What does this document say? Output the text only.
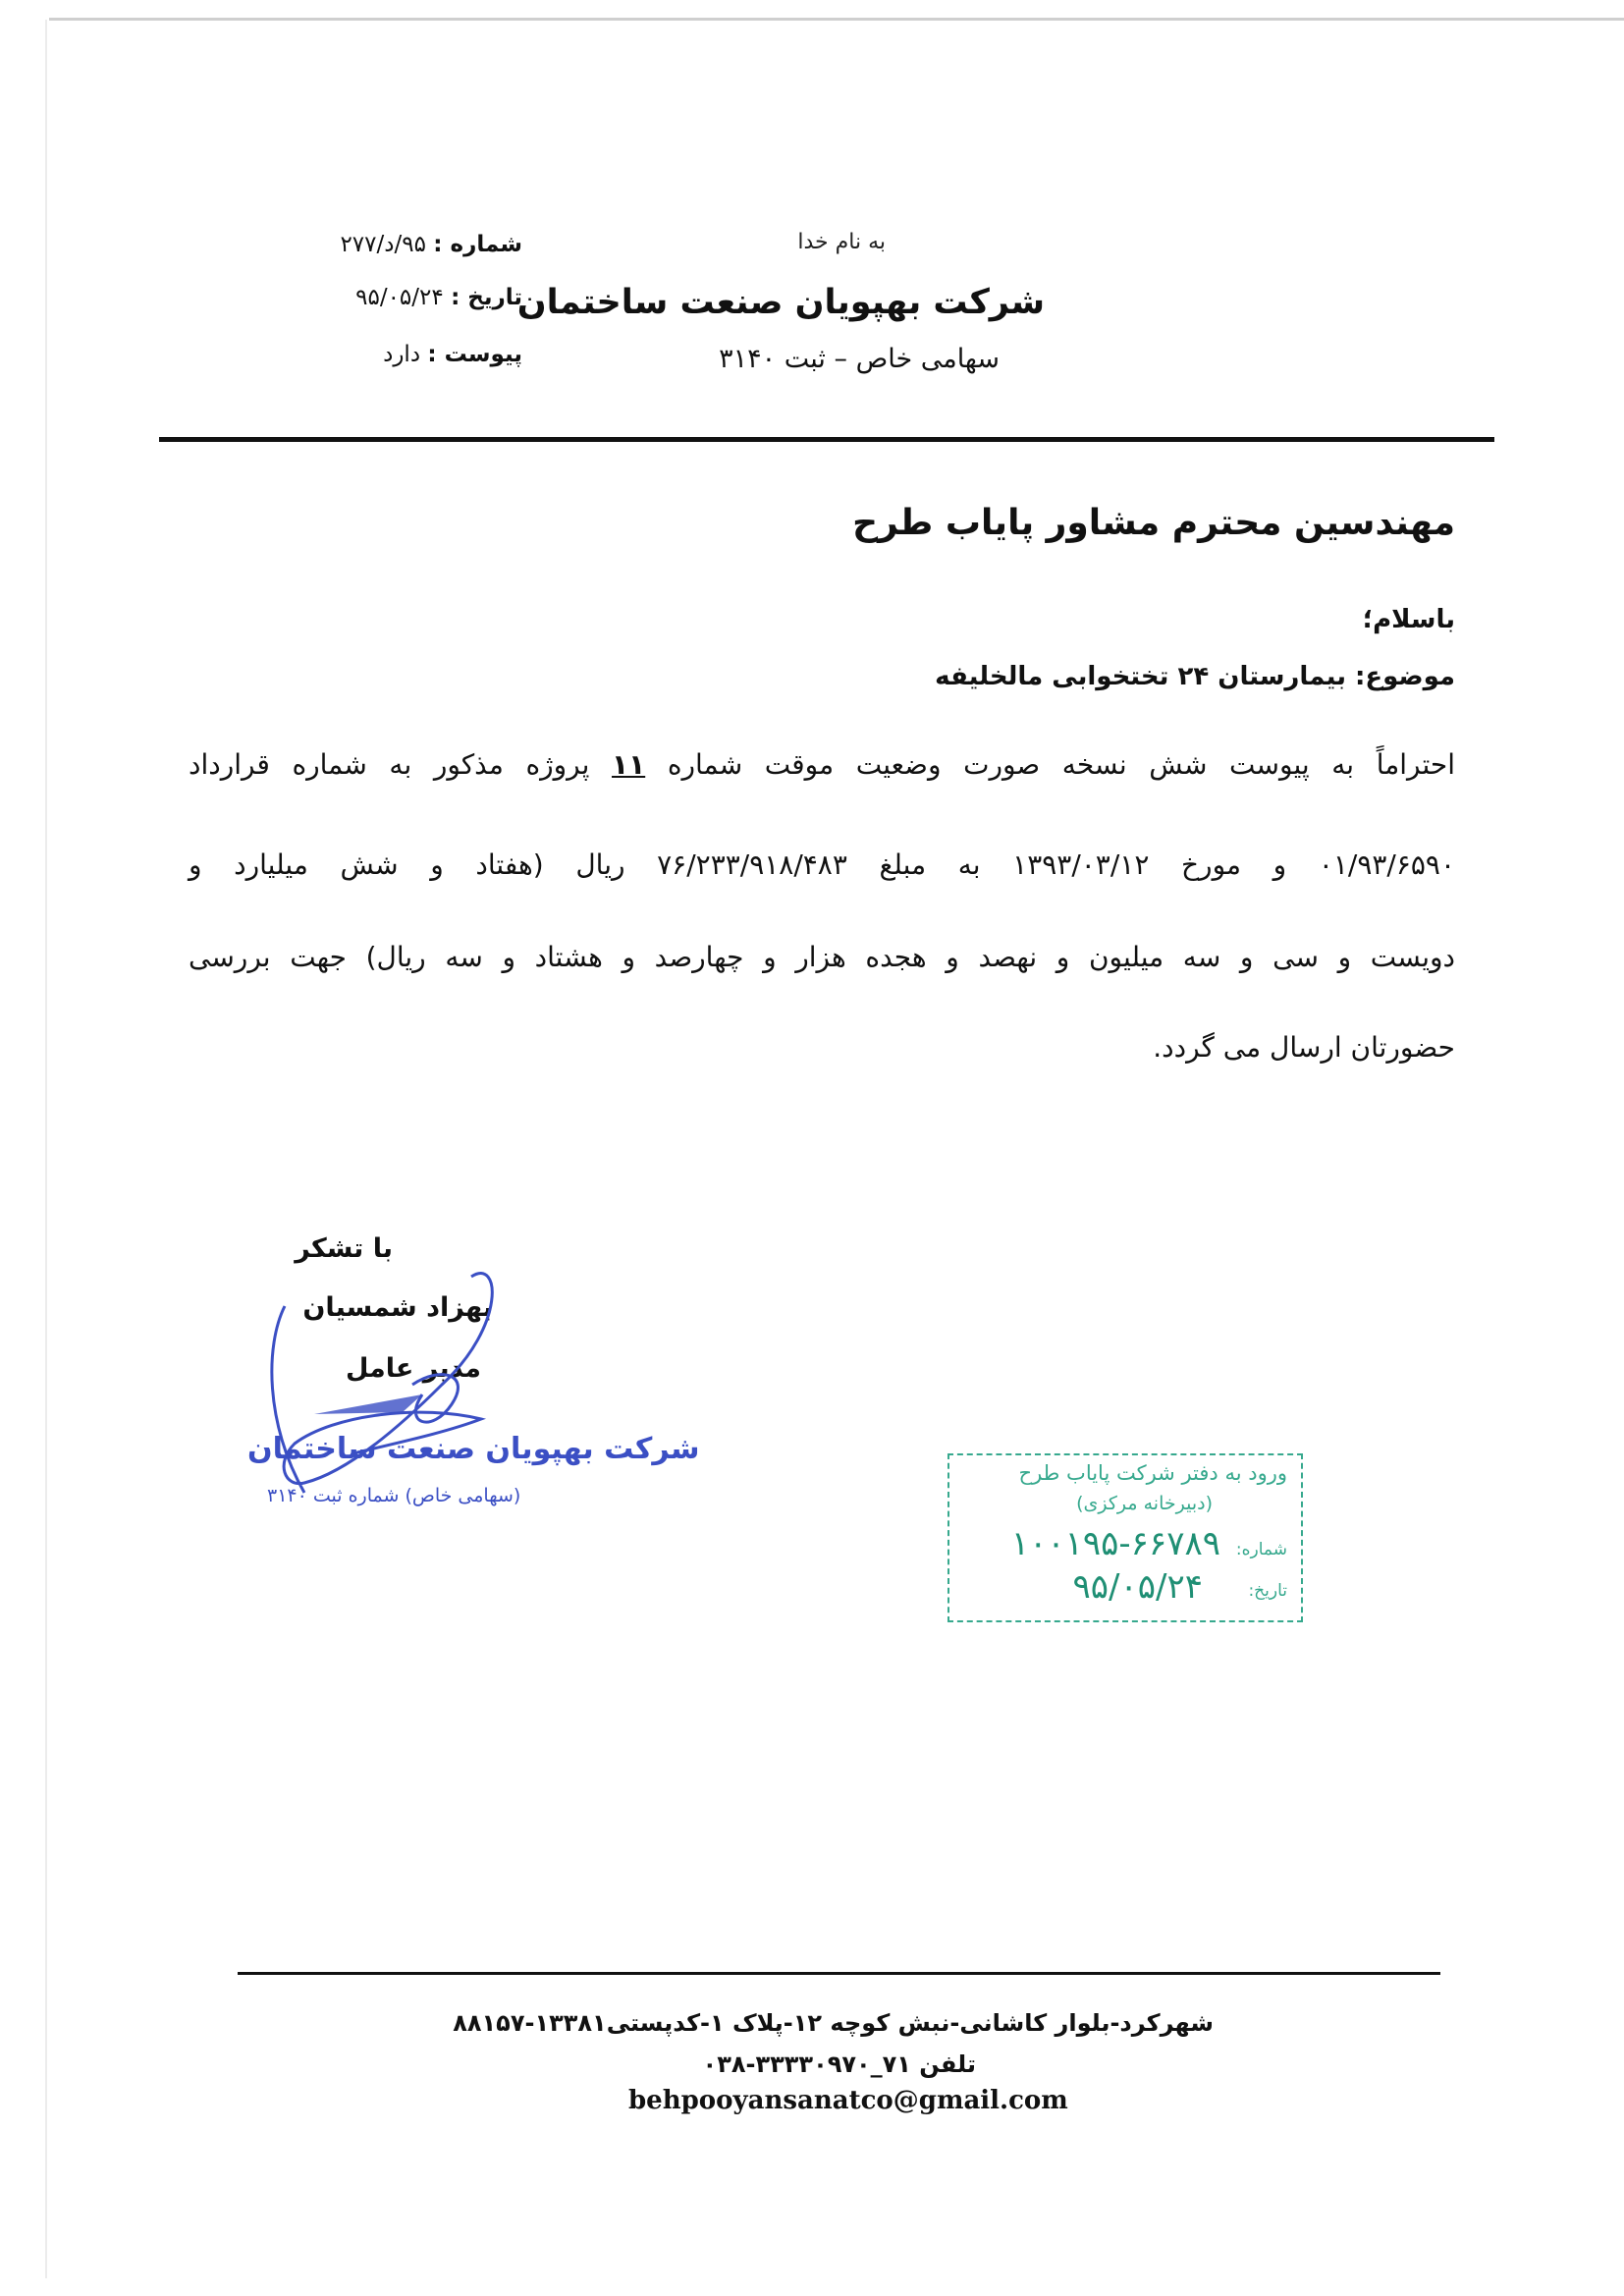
به نام خدا
شرکت بهپویان صنعت ساختمان
سهامی خاص – ثبت ۳۱۴۰
شماره : ۹۵/د/۲۷۷
تاریخ : ۹۵/۰۵/۲۴
پیوست : دارد
مهندسین محترم مشاور پایاب طرح
باسلام؛
موضوع: بیمارستان ۲۴ تختخوابی مالخلیفه
احتراماً به پیوست شش نسخه صورت وضعیت موقت شماره ۱۱ پروژه مذکور به شماره قرارداد
۰۱/۹۳/۶۵۹۰ و مورخ ۱۳۹۳/۰۳/۱۲ به مبلغ ۷۶/۲۳۳/۹۱۸/۴۸۳ ریال (هفتاد و شش میلیارد و
دویست و سی و سه میلیون و نهصد و هجده هزار و چهارصد و هشتاد و سه ریال) جهت بررسی
حضورتان ارسال می گردد.
با تشکر
بهزاد شمسیان
مدیر عامل
شرکت بهپویان صنعت ساختمان
(سهامی خاص) شماره ثبت ۳۱۴۰
ورود به دفتر شرکت پایاب طرح
(دبیرخانه مرکزی)
شماره:
۱۰۰۱۹۵-۶۶۷۸۹
تاریخ:
۹۵/۰۵/۲۴
شهرکرد-بلوار کاشانی-نبش کوچه ۱۲-پلاک ۱-کدپستی۱۳۳۸۱-۸۸۱۵۷
تلفن ۷۱_۳۳۳۳۰۹۷۰-۰۳۸
behpooyansanatco@gmail.com
